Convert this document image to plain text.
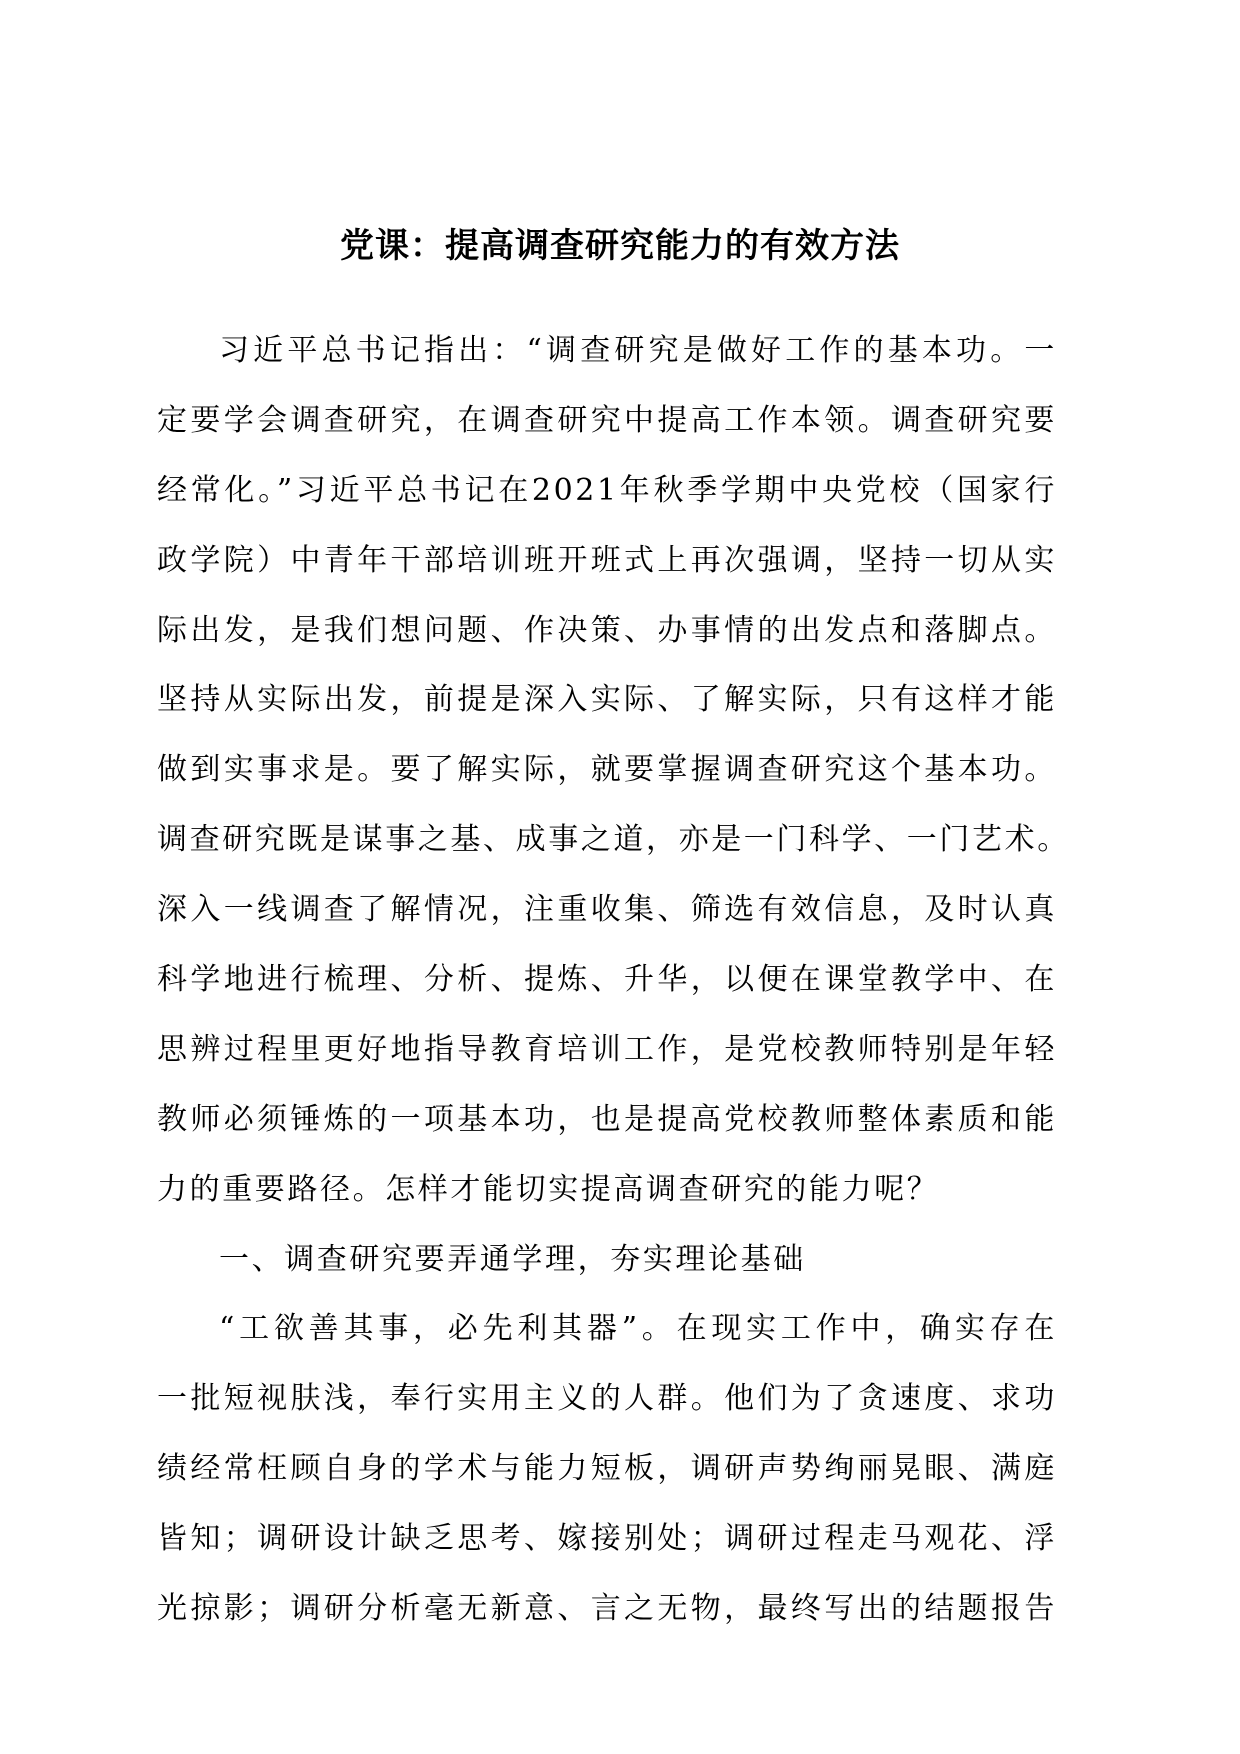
党课：提高调查研究能力的有效方法
习近平总书记指出：“调查研究是做好工作的基本功。一
定要学会调查研究，在调查研究中提高工作本领。调查研究要
经常化。”习近平总书记在2021年秋季学期中央党校（国家行
政学院）中青年干部培训班开班式上再次强调，坚持一切从实
际出发，是我们想问题、作决策、办事情的出发点和落脚点。
坚持从实际出发，前提是深入实际、了解实际，只有这样才能
做到实事求是。要了解实际，就要掌握调查研究这个基本功。
调查研究既是谋事之基、成事之道，亦是一门科学、一门艺术。
深入一线调查了解情况，注重收集、筛选有效信息，及时认真
科学地进行梳理、分析、提炼、升华，以便在课堂教学中、在
思辨过程里更好地指导教育培训工作，是党校教师特别是年轻
教师必须锤炼的一项基本功，也是提高党校教师整体素质和能
力的重要路径。怎样才能切实提高调查研究的能力呢？
一、调查研究要弄通学理，夯实理论基础
“工欲善其事，必先利其器”。在现实工作中，确实存在
一批短视肤浅，奉行实用主义的人群。他们为了贪速度、求功
绩经常枉顾自身的学术与能力短板，调研声势绚丽晃眼、满庭
皆知；调研设计缺乏思考、嫁接别处；调研过程走马观花、浮
光掠影；调研分析毫无新意、言之无物，最终写出的结题报告
